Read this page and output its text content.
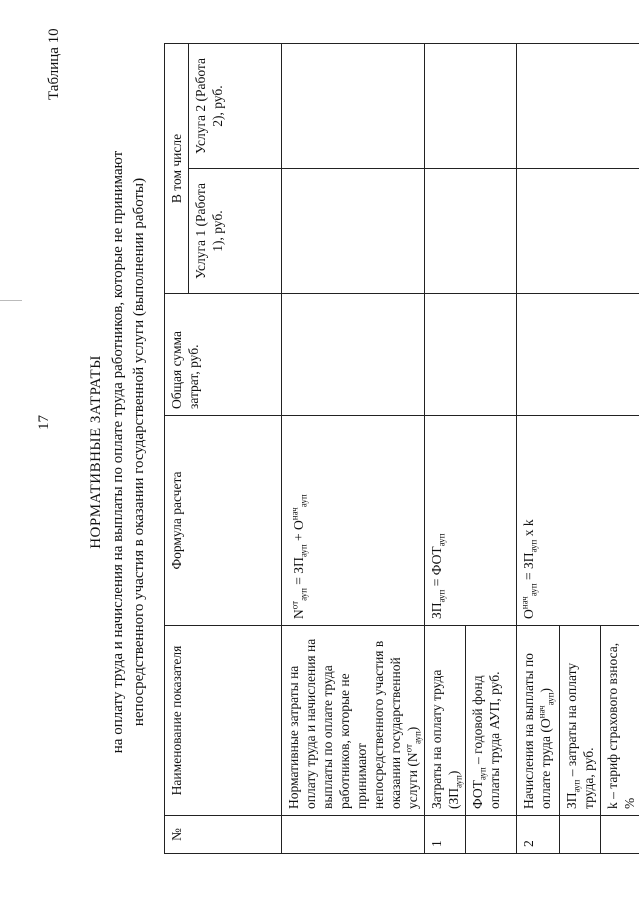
17
Таблица 10
НОРМАТИВНЫЕ ЗАТРАТЫ на оплату труда и начисления на выплаты по оплате труда работников, которые не принимают непосредственного участия в оказании государственной услуги (выполнении работы)
№	Наименование показателя	Формула расчета	Общая сумма затрат, руб.	В том числе	
				Услуга 1 (Работа 1), руб.	Услуга 2 (Работа 2), руб.
	Нормативные затраты на оплату труда и начисления на выплаты по оплате труда работников, которые не принимают непосредственного участия в оказании государственной услуги $(N^{от}_{ауп})$	$N^{от}_{ауп} = ЗП_{ауп} + О^{нач}_{ауп}$			
1	Затраты на оплату труда $(ЗП_{ауп})$	$ЗП_{ауп} = ФОТ_{ауп}$			
	$ФОТ_{ауп}$ – годовой фонд оплаты труда АУП, руб.				
2	Начисления на выплаты по оплате труда $(О^{нач}_{ауп})$	$О^{нач}_{ауп} = ЗП_{ауп}$ x k			
	$ЗП_{ауп}$ – затраты на оплату труда, руб.				
	k – тариф страхового взноса, %				
